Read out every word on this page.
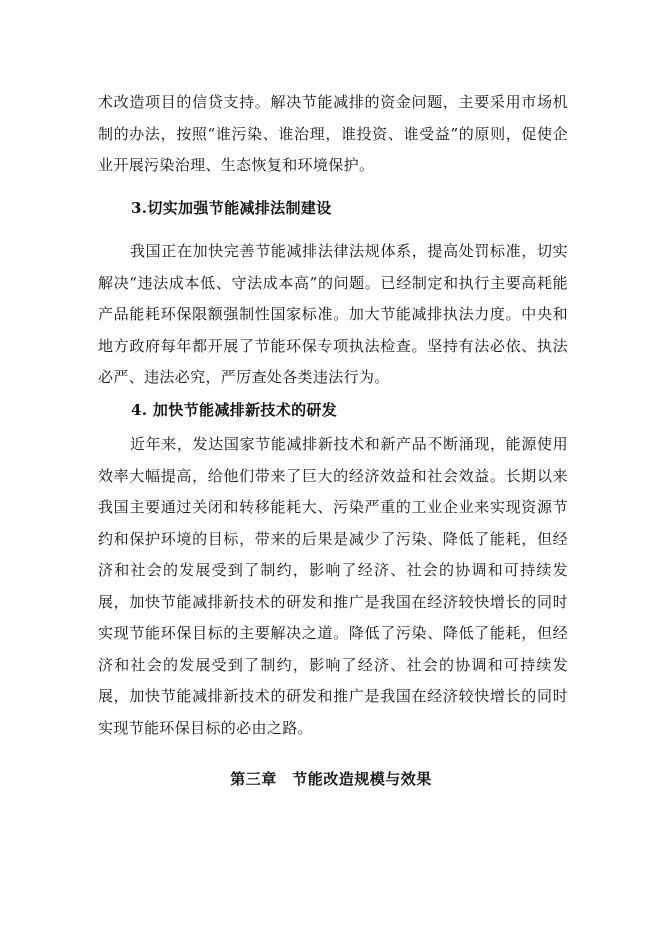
术改造项目的信贷支持。解决节能减排的资金问题，主要采用市场机制的办法，按照“谁污染、谁治理，谁投资、谁受益”的原则，促使企业开展污染治理、生态恢复和环境保护。

3.切实加强节能减排法制建设

我国正在加快完善节能减排法律法规体系，提高处罚标准，切实解决“违法成本低、守法成本高”的问题。已经制定和执行主要高耗能产品能耗环保限额强制性国家标准。加大节能减排执法力度。中央和地方政府每年都开展了节能环保专项执法检查。坚持有法必依、执法必严、违法必究，严厉查处各类违法行为。

4. 加快节能减排新技术的研发

近年来，发达国家节能减排新技术和新产品不断涌现，能源使用效率大幅提高，给他们带来了巨大的经济效益和社会效益。长期以来我国主要通过关闭和转移能耗大、污染严重的工业企业来实现资源节约和保护环境的目标，带来的后果是减少了污染、降低了能耗，但经济和社会的发展受到了制约，影响了经济、社会的协调和可持续发展，加快节能减排新技术的研发和推广是我国在经济较快增长的同时实现节能环保目标的主要解决之道。降低了污染、降低了能耗，但经济和社会的发展受到了制约，影响了经济、社会的协调和可持续发展，加快节能减排新技术的研发和推广是我国在经济较快增长的同时实现节能环保目标的必由之路。

第三章　节能改造规模与效果
